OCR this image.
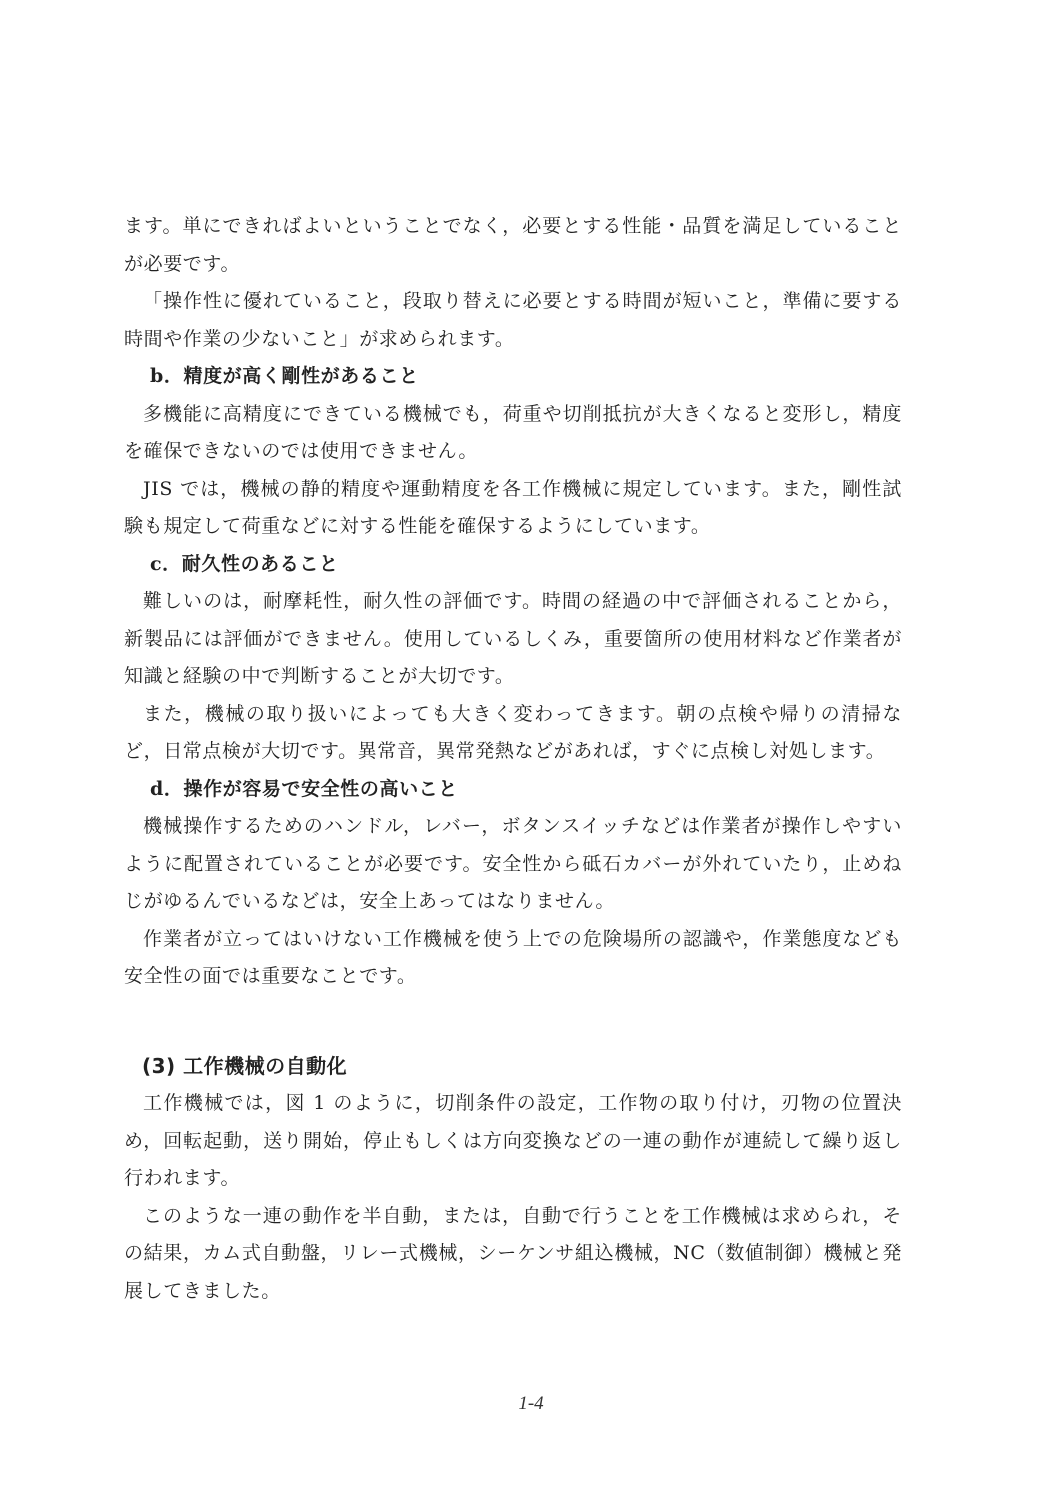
ます。単にできればよいということでなく，必要とする性能・品質を満足していることが必要です。

「操作性に優れていること，段取り替えに必要とする時間が短いこと，準備に要する時間や作業の少ないこと」が求められます。

b．精度が高く剛性があること

多機能に高精度にできている機械でも，荷重や切削抵抗が大きくなると変形し，精度を確保できないのでは使用できません。

JIS では，機械の静的精度や運動精度を各工作機械に規定しています。また，剛性試験も規定して荷重などに対する性能を確保するようにしています。

c．耐久性のあること

難しいのは，耐摩耗性，耐久性の評価です。時間の経過の中で評価されることから，新製品には評価ができません。使用しているしくみ，重要箇所の使用材料など作業者が知識と経験の中で判断することが大切です。

また，機械の取り扱いによっても大きく変わってきます。朝の点検や帰りの清掃など，日常点検が大切です。異常音，異常発熱などがあれば，すぐに点検し対処します。

d．操作が容易で安全性の高いこと

機械操作するためのハンドル，レバー，ボタンスイッチなどは作業者が操作しやすいように配置されていることが必要です。安全性から砥石カバーが外れていたり，止めねじがゆるんでいるなどは，安全上あってはなりません。

作業者が立ってはいけない工作機械を使う上での危険場所の認識や，作業態度なども安全性の面では重要なことです。

(3) 工作機械の自動化

工作機械では，図 1 のように，切削条件の設定，工作物の取り付け，刃物の位置決め，回転起動，送り開始，停止もしくは方向変換などの一連の動作が連続して繰り返し行われます。

このような一連の動作を半自動，または，自動で行うことを工作機械は求められ，その結果，カム式自動盤，リレー式機械，シーケンサ組込機械，NC（数値制御）機械と発展してきました。

1-4
